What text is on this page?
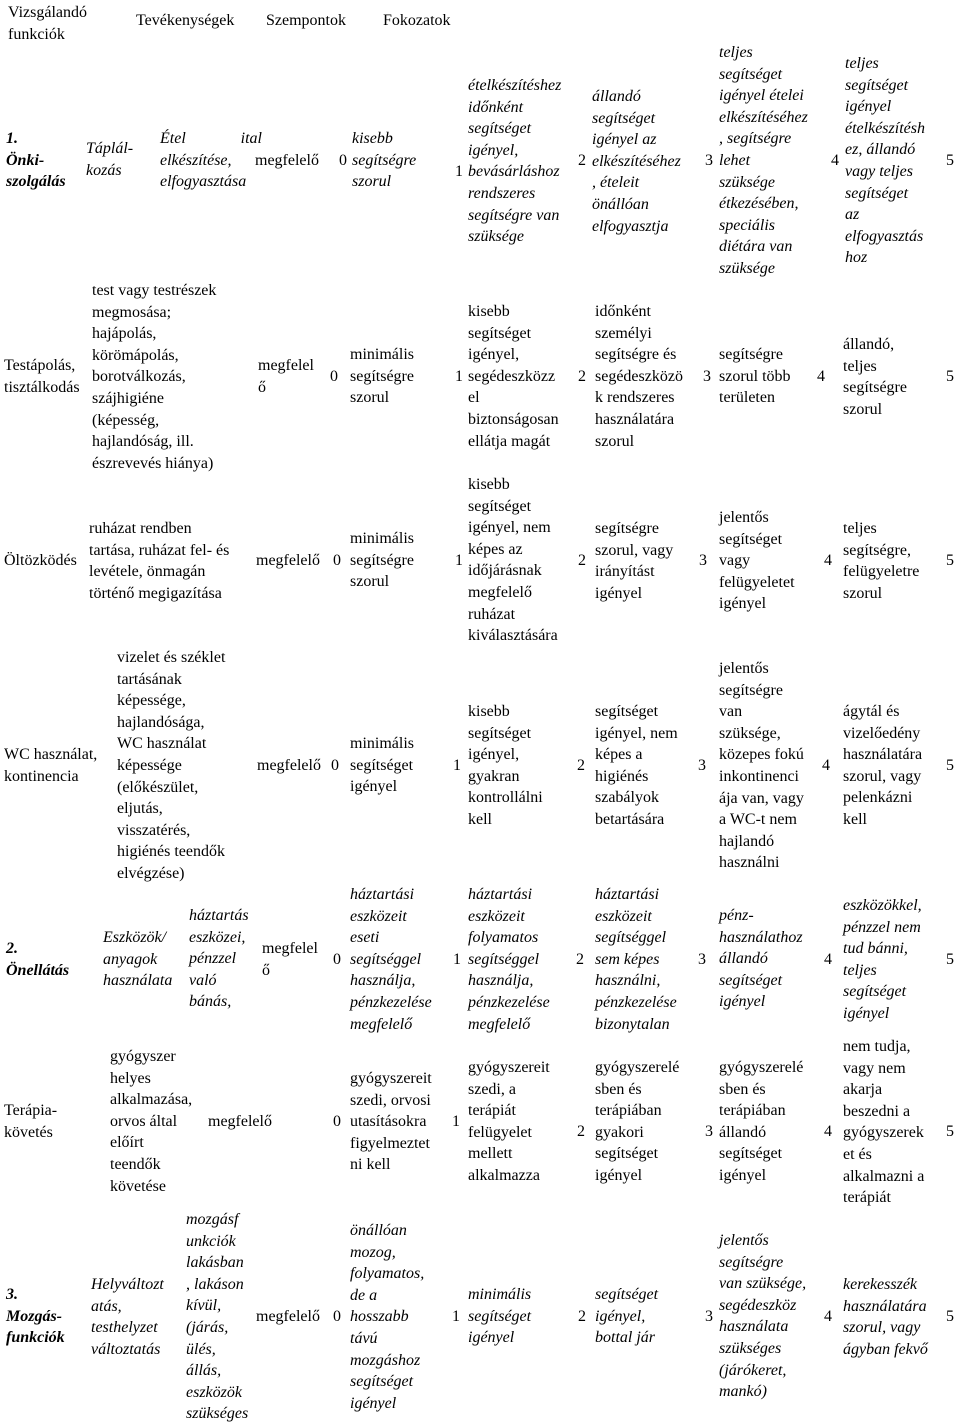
Vizsgálandó
funkciók
Tevékenységek Szempontok Fokozatok
1.
Önki-
szolgálás
Táplál-
kozás
Étel ital
elkészítése,
elfogyasztása
megfelelő 0
kisebb
segítségre
szorul
1
ételkészítéshez
időnként
segítséget
igényel,
bevásárláshoz
rendszeres
segítségre van
szüksége
2
állandó
segítséget
igényel az
elkészítéséhez
, ételeit
önállóan
elfogyasztja
3
teljes
segítséget
igényel ételei
elkészítéséhez
, segítségre
lehet
szüksége
étkezésében,
speciális
diétára van
szüksége
4
teljes
segítséget
igényel
ételkészítésh
ez, állandó
vagy teljes
segítséget
az
elfogyasztás
hoz
5
Testápolás,
tisztálkodás
test vagy testrészek
megmosása;
hajápolás,
körömápolás,
borotválkozás,
szájhigiéne
(képesség,
hajlandóság, ill.
észrevevés hiánya)
megfelel
ő
0
minimális
segítségre
szorul
1
kisebb
segítséget
igényel,
segédeszközz
el
biztonságosan
ellátja magát
2
időnként
személyi
segítségre és
segédeszközö
k rendszeres
használatára
szorul
3
segítségre
szorul több
területen
4
állandó,
teljes
segítségre
szorul
5
Öltözködés
ruházat rendben
tartása, ruházat fel- és
levétele, önmagán
történő megigazítása
megfelelő 0
minimális
segítségre
szorul
1
kisebb
segítséget
igényel, nem
képes az
időjárásnak
megfelelő
ruházat
kiválasztására
2
segítségre
szorul, vagy
irányítást
igényel
3
jelentős
segítséget
vagy
felügyeletet
igényel
4
teljes
segítségre,
felügyeletre
szorul
5
WC használat,
kontinencia
vizelet és széklet
tartásának
képessége,
hajlandósága,
WC használat
képessége
(előkészület,
eljutás,
visszatérés,
higiénés teendők
elvégzése)
megfelelő 0
minimális
segítséget
igényel
1
kisebb
segítséget
igényel,
gyakran
kontrollálni
kell
2
segítséget
igényel, nem
képes a
higiénés
szabályok
betartására
3
jelentős
segítségre
van
szüksége,
közepes fokú
inkontinenci
ája van, vagy
a WC-t nem
hajlandó
használni
4
ágytál és
vizelőedény
használatára
szorul, vagy
pelenkázni
kell
5
2.
Önellátás
Eszközök/
anyagok
használata
háztartás
eszközei,
pénzzel
való
bánás,
megfelel
ő
0
háztartási
eszközeit
eseti
segítséggel
használja,
pénzkezelése
megfelelő
1
háztartási
eszközeit
folyamatos
segítséggel
használja,
pénzkezelése
megfelelő
2
háztartási
eszközeit
segítséggel
sem képes
használni,
pénzkezelése
bizonytalan
3
pénz-
használathoz
állandó
segítséget
igényel
4
eszközökkel,
pénzzel nem
tud bánni,
teljes
segítséget
igényel
5
Terápia-
követés
gyógyszer
helyes
alkalmazása,
orvos által
előírt
teendők
követése
megfelelő	0
gyógyszereit
szedi, orvosi
utasításokra
figyelmeztet
ni kell
1
gyógyszereit
szedi, a
terápiát
felügyelet
mellett
alkalmazza
2
gyógyszerelé
sben és
terápiában
gyakori
segítséget
igényel
3
gyógyszerelé
sben és
terápiában
állandó
segítséget
igényel
4
nem tudja,
vagy nem
akarja
beszedni a
gyógyszerek
et és
alkalmazni a
terápiát
5
3.
Mozgás-
funkciók
Helyváltozt
atás,
testhelyzet
változtatás
mozgásf
unkciók
lakásban
, lakáson
kívül,
(járás,
ülés,
állás,
eszközök
szükséges
megfelelő 0
önállóan
mozog,
folyamatos,
de a
hosszabb
távú
mozgáshoz
segítséget
igényel
1
minimális
segítséget
igényel
2
segítséget
igényel,
bottal jár
3
jelentős
segítségre
van szüksége,
segédeszköz
használata
szükséges
(járókeret,
mankó)
4
kerekesszék
használatára
szorul, vagy
ágyban fekvő
5
